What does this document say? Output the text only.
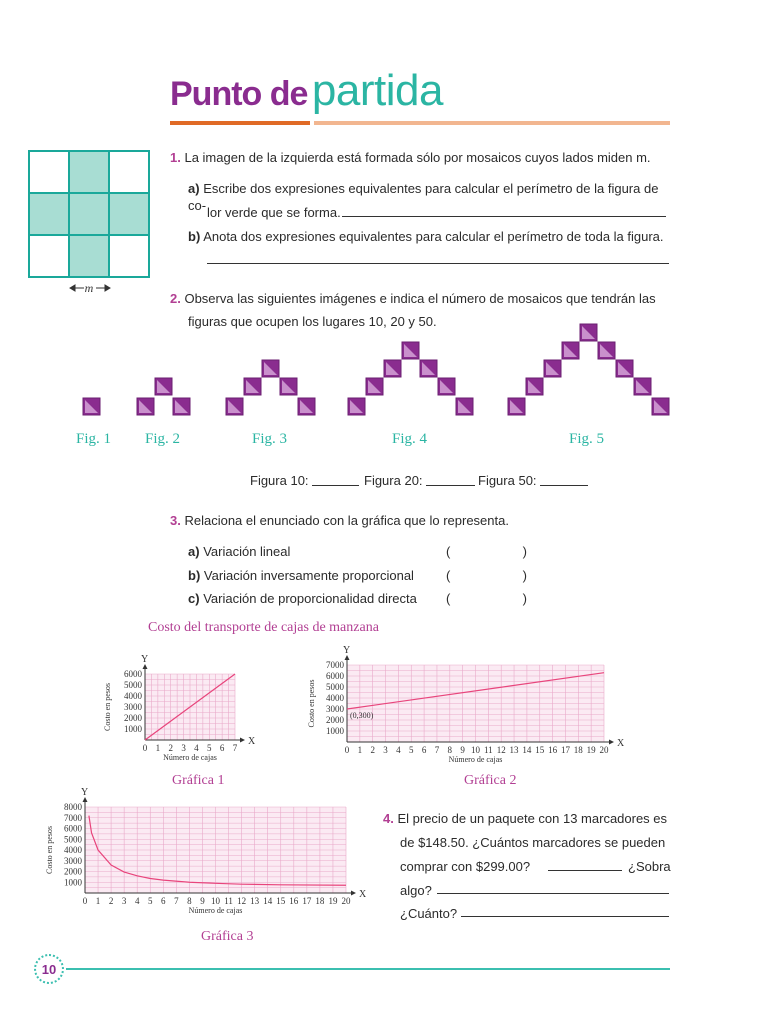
Punto de partida
m
1. La imagen de la izquierda está formada sólo por mosaicos cuyos lados miden m.
a) Escribe dos expresiones equivalentes para calcular el perímetro de la figura de co- lor verde que se forma.
b) Anota dos expresiones equivalentes para calcular el perímetro de toda la figura.
2. Observa las siguientes imágenes e indica el número de mosaicos que tendrán las
figuras que ocupen los lugares 10, 20 y 50.
Fig. 1 Fig. 2	Fig. 3	Fig. 4	Fig. 5
Figura 10:	Figura 20:	Figura 50:
3. Relaciona el enunciado con la gráfica que lo representa.
a) Variación lineal	(                    )
b) Variación inversamente proporcional	(                    )
c) Variación de proporcionalidad directa	(                    )
Costo del transporte de cajas de manzana
X
Y
0 1 2 3 4 5 6 7
1000
2000
3000
4000
5000
6000
Número de cajas
Costo en pesos
Gráfica 1
X
Y
0 1 2 3 4 5 6 7 8 9 10 11 12 13 14 15 16 17 18 19 20
1000
2000
3000
4000
5000
6000
7000
Número de cajas
Costo en pesos	(0,300)
Gráfica 2
X
Y
0 1 2 3 4 5 6 7 8 9 10 11 12 13 14 15 16 17 18 19 20
1000
2000
3000
4000
5000
6000
7000
8000
Número de cajas
Costo en pesos
Gráfica 3
4. El precio de un paquete con 13 marcadores es
de $148.50. ¿Cuántos marcadores se pueden
comprar con $299.00?	¿Sobra
algo?
¿Cuánto?
10
